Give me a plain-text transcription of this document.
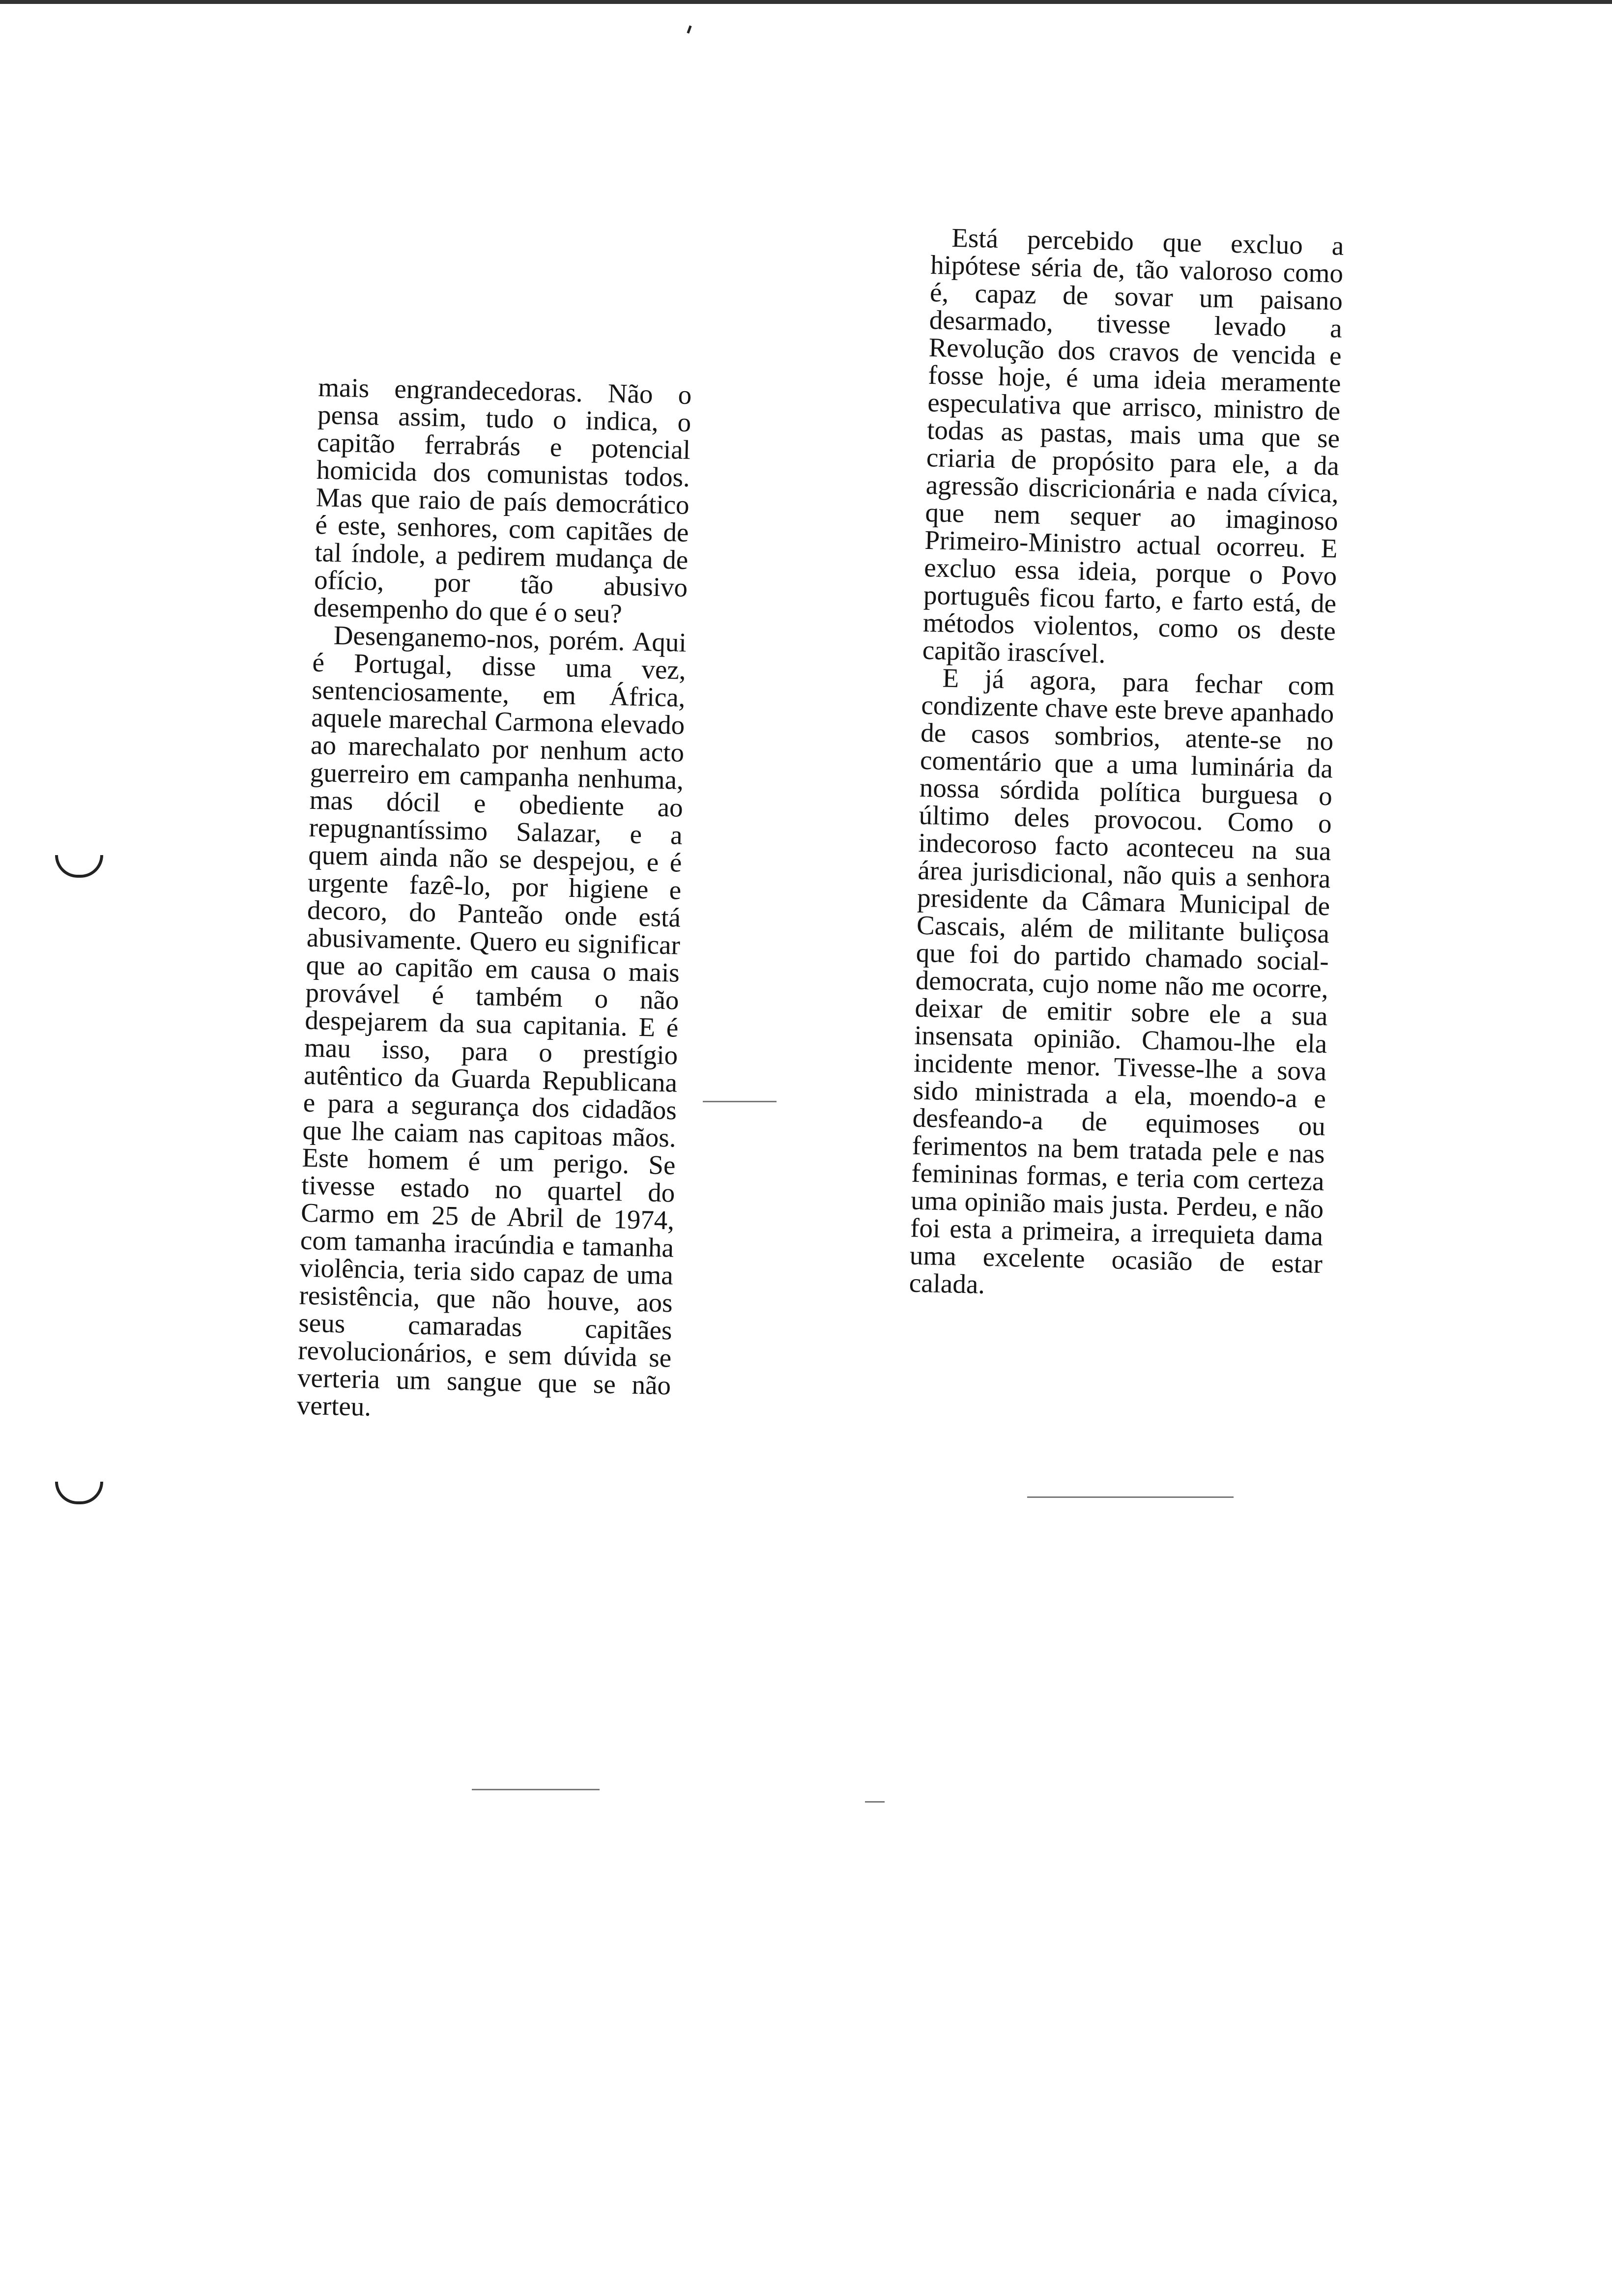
mais engrandecedoras. Não o pensa assim, tudo o indica, o capitão ferrabrás e potencial homicida dos comunistas todos. Mas que raio de país democrático é este, senhores, com capitães de tal índole, a pedirem mudança de ofício, por tão abusivo desempenho do que é o seu?

Desenganemo-nos, porém. Aqui é Portugal, disse uma vez, sentenciosamente, em África, aquele marechal Carmona elevado ao marechalato por nenhum acto guerreiro em campanha nenhuma, mas dócil e obediente ao repugnantíssimo Salazar, e a quem ainda não se despejou, e é urgente fazê-lo, por higiene e decoro, do Panteão onde está abusivamente. Quero eu significar que ao capitão em causa o mais provável é também o não despejarem da sua capitania. E é mau isso, para o prestígio autêntico da Guarda Republicana e para a segurança dos cidadãos que lhe caiam nas capitoas mãos. Este homem é um perigo. Se tivesse estado no quartel do Carmo em 25 de Abril de 1974, com tamanha iracúndia e tamanha violência, teria sido capaz de uma resistência, que não houve, aos seus camaradas capitães revolucionários, e sem dúvida se verteria um sangue que se não verteu.

Está percebido que excluo a hipótese séria de, tão valoroso como é, capaz de sovar um paisano desarmado, tivesse levado a Revolução dos cravos de vencida e fosse hoje, é uma ideia meramente especulativa que arrisco, ministro de todas as pastas, mais uma que se criaria de propósito para ele, a da agressão discricionária e nada cívica, que nem sequer ao imaginoso Primeiro-Ministro actual ocorreu. E excluo essa ideia, porque o Povo português ficou farto, e farto está, de métodos violentos, como os deste capitão irascível.

E já agora, para fechar com condizente chave este breve apanhado de casos sombrios, atente-se no comentário que a uma luminária da nossa sórdida política burguesa o último deles provocou. Como o indecoroso facto aconteceu na sua área jurisdicional, não quis a senhora presidente da Câmara Municipal de Cascais, além de militante buliçosa que foi do partido chamado social-democrata, cujo nome não me ocorre, deixar de emitir sobre ele a sua insensata opinião. Chamou-lhe ela incidente menor. Tivesse-lhe a sova sido ministrada a ela, moendo-a e desfeando-a de equimoses ou ferimentos na bem tratada pele e nas femininas formas, e teria com certeza uma opinião mais justa. Perdeu, e não foi esta a primeira, a irrequieta dama uma excelente ocasião de estar calada.
